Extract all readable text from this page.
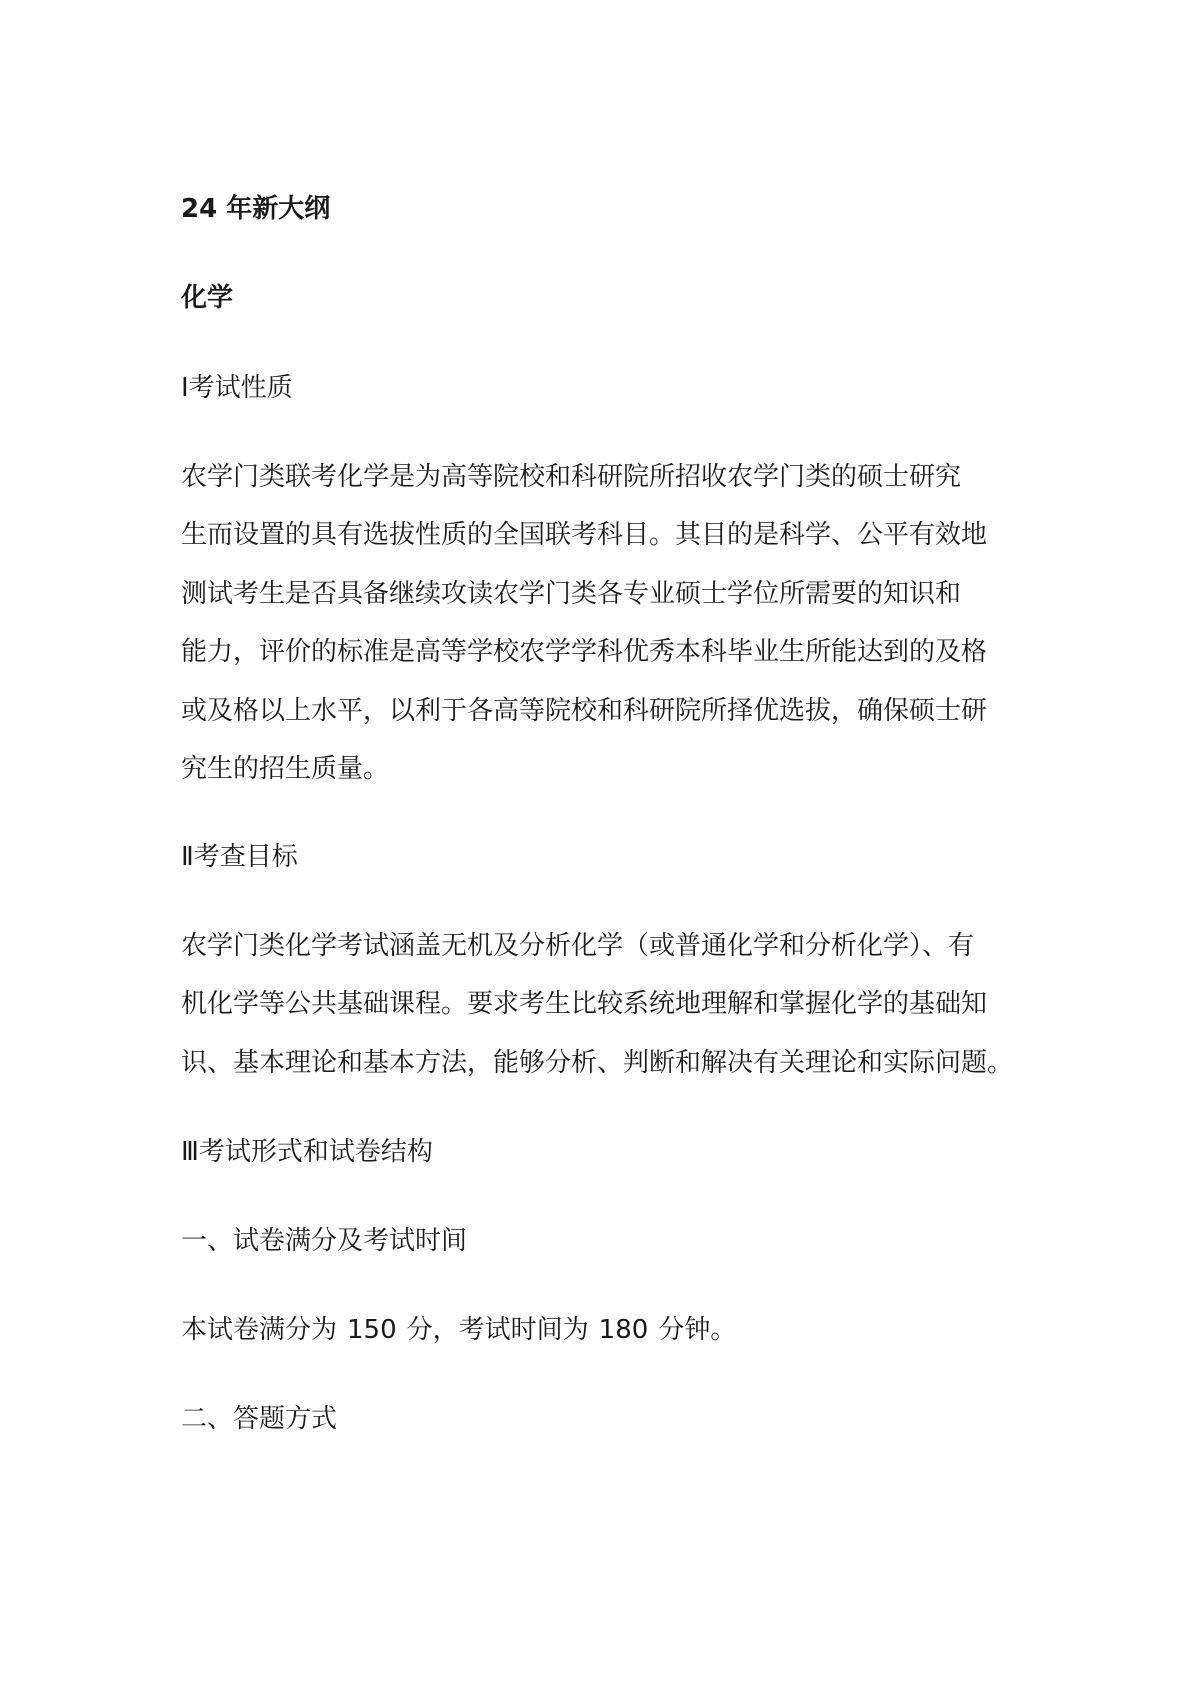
24 年新大纲
化学
Ⅰ考试性质
农学门类联考化学是为高等院校和科研院所招收农学门类的硕士研究
生而设置的具有选拔性质的全国联考科目。其目的是科学、公平有效地
测试考生是否具备继续攻读农学门类各专业硕士学位所需要的知识和
能力，评价的标准是高等学校农学学科优秀本科毕业生所能达到的及格
或及格以上水平，以利于各高等院校和科研院所择优选拔，确保硕士研
究生的招生质量。
Ⅱ考查目标
农学门类化学考试涵盖无机及分析化学（或普通化学和分析化学）、有
机化学等公共基础课程。要求考生比较系统地理解和掌握化学的基础知
识、基本理论和基本方法，能够分析、判断和解决有关理论和实际问题。
Ⅲ考试形式和试卷结构
一、试卷满分及考试时间
本试卷满分为 150 分，考试时间为 180 分钟。
二、答题方式
